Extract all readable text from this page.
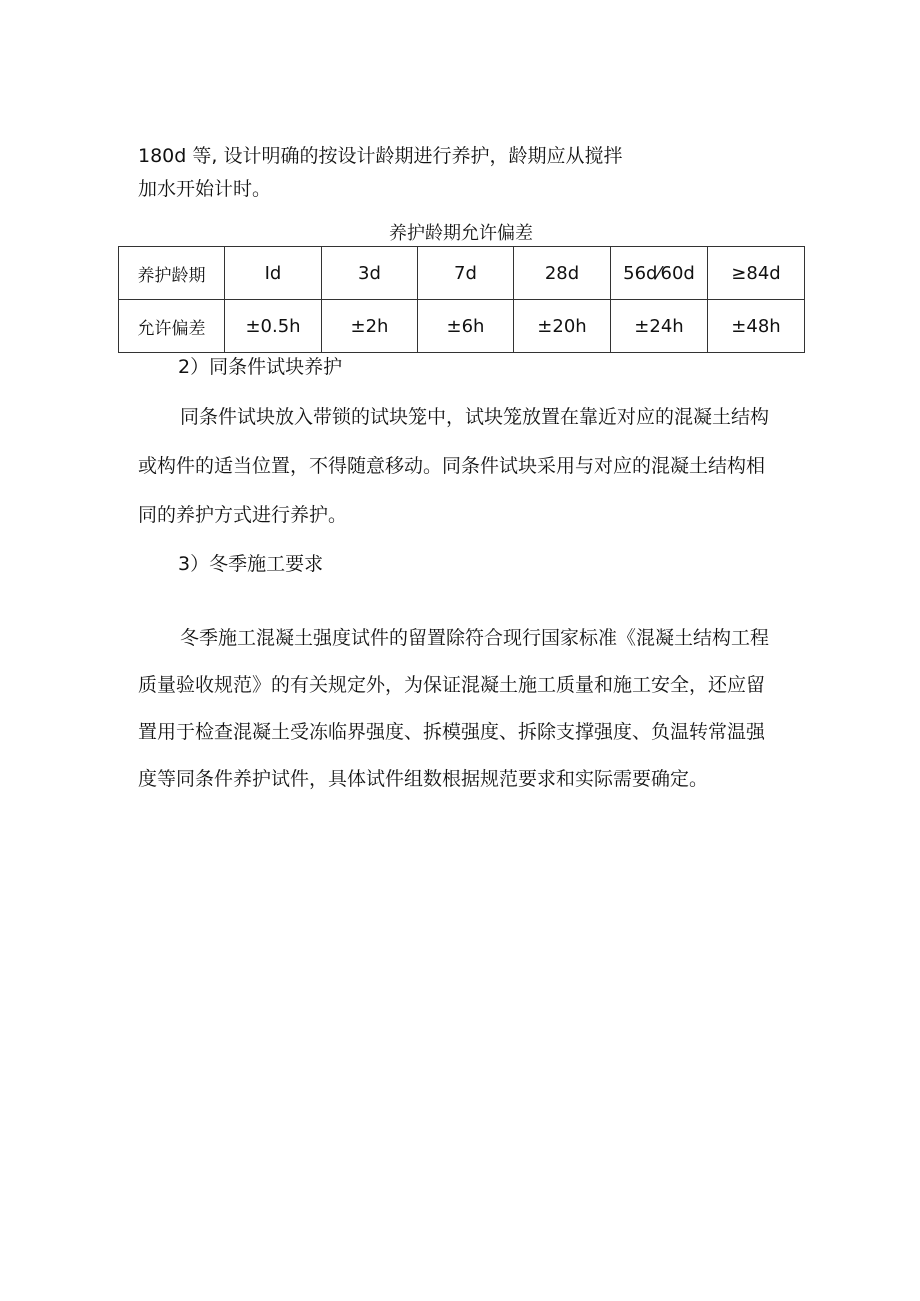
180d 等, 设计明确的按设计龄期进行养护，龄期应从搅拌
加水开始计时。
养护龄期允许偏差
养护龄期	Id	3d	7d	28d	56d⁄60d	≥84d
允许偏差	±0.5h	±2h	±6h	±20h	±24h	±48h
2）同条件试块养护
同条件试块放入带锁的试块笼中，试块笼放置在靠近对应的混凝土结构
或构件的适当位置，不得随意移动。同条件试块采用与对应的混凝土结构相
同的养护方式进行养护。
3）冬季施工要求
冬季施工混凝土强度试件的留置除符合现行国家标准《混凝土结构工程
质量验收规范》的有关规定外，为保证混凝土施工质量和施工安全，还应留
置用于检查混凝土受冻临界强度、拆模强度、拆除支撑强度、负温转常温强
度等同条件养护试件，具体试件组数根据规范要求和实际需要确定。
